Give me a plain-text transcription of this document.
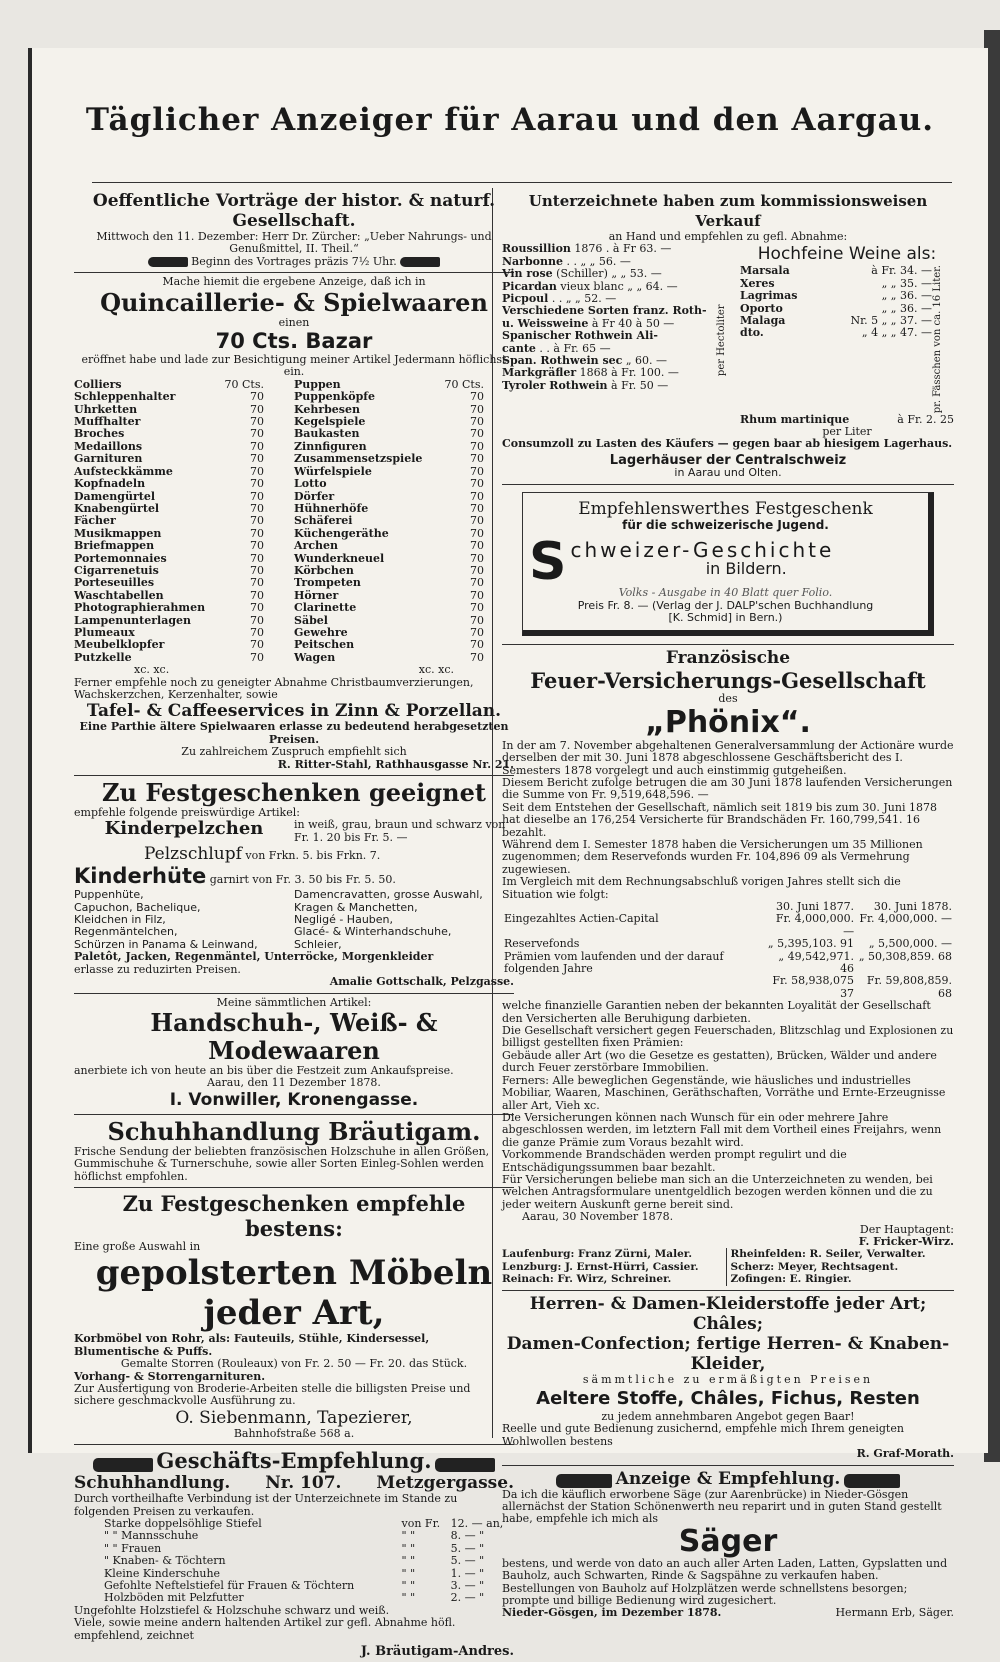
Täglicher Anzeiger für Aarau und den Aargau.
Oeffentliche Vorträge der histor. & naturf. Gesellschaft.
Mittwoch den 11. Dezember: Herr Dr. Zürcher: „Ueber Nahrungs- und Genußmittel, II. Theil.“
Beginn des Vortrages präzis 7½ Uhr.
Mache hiemit die ergebene Anzeige, daß ich in
Quincaillerie- & Spielwaaren
einen
70 Cts. Bazar
eröffnet habe und lade zur Besichtigung meiner Artikel Jedermann höflichst ein.
Colliers	70 Cts.
Schleppenhalter	70
Uhrketten	70
Muffhalter	70
Broches	70
Medaillons	70
Garnituren	70
Aufsteckkämme	70
Kopfnadeln	70
Damengürtel	70
Knabengürtel	70
Fächer	70
Musikmappen	70
Briefmappen	70
Portemonnaies	70
Cigarrenetuis	70
Porteseuilles	70
Waschtabellen	70
Photographierahmen	70
Lampenunterlagen	70
Plumeaux	70
Meubelklopfer	70
Putzkelle	70
Puppen	70 Cts.
Puppenköpfe	70
Kehrbesen	70
Kegelspiele	70
Baukasten	70
Zinnfiguren	70
Zusammensetzspiele	70
Würfelspiele	70
Lotto	70
Dörfer	70
Hühnerhöfe	70
Schäferei	70
Küchengeräthe	70
Archen	70
Wunderkneuel	70
Körbchen	70
Trompeten	70
Hörner	70
Clarinette	70
Säbel	70
Gewehre	70
Peitschen	70
Wagen	70
xc. xc.	xc. xc.
Ferner empfehle noch zu geneigter Abnahme Christbaumverzierungen, Wachskerzchen, Kerzenhalter, sowie
Tafel- & Caffeeservices in Zinn & Porzellan.
Eine Parthie ältere Spielwaaren erlasse zu bedeutend herabgesetzten Preisen.
Zu zahlreichem Zuspruch empfiehlt sich
R. Ritter-Stahl, Rathhausgasse Nr. 21.
Zu Festgeschenken geeignet
empfehle folgende preiswürdige Artikel:
Kinderpelzchen	in weiß, grau, braun und schwarz von Fr. 1. 20 bis Fr. 5. —
Pelzschlupf von Frkn. 5. bis Frkn. 7.
Kinderhüte garnirt von Fr. 3. 50 bis Fr. 5. 50.
Puppenhüte,
Capuchon, Bachelique,
Kleidchen in Filz,
Regenmäntelchen,
Schürzen in Panama & Leinwand,
Damencravatten, grosse Auswahl,
Kragen & Manchetten,
Negligé - Hauben,
Glacé- & Winterhandschuhe,
Schleier,
Paletôt, Jacken, Regenmäntel, Unterröcke, Morgenkleider
erlasse zu reduzirten Preisen.
Amalie Gottschalk, Pelzgasse.
Meine sämmtlichen Artikel:
Handschuh-, Weiß- & Modewaaren
anerbiete ich von heute an bis über die Festzeit zum Ankaufspreise.
Aarau, den 11 Dezember 1878.
I. Vonwiller, Kronengasse.
Schuhhandlung Bräutigam.
Frische Sendung der beliebten französischen Holzschuhe in allen Größen, Gummischuhe & Turnerschuhe, sowie aller Sorten Einleg-Sohlen werden höflichst empfohlen.
Zu Festgeschenken empfehle bestens:
Eine große Auswahl in
gepolsterten Möbeln jeder Art,
Korbmöbel von Rohr, als: Fauteuils, Stühle, Kindersessel, Blumentische & Puffs.
Gemalte Storren (Rouleaux) von Fr. 2. 50 — Fr. 20. das Stück.
Vorhang- & Storrengarnituren.
Zur Ausfertigung von Broderie-Arbeiten stelle die billigsten Preise und sichere geschmackvolle Ausführung zu.
O. Siebenmann, Tapezierer,
Bahnhofstraße 568 a.
Geschäfts-Empfehlung.
Schuhhandlung. Nr. 107. Metzgergasse.
Durch vortheilhafte Verbindung ist der Unterzeichnete im Stande zu folgenden Preisen zu verkaufen.
Starke doppelsöhlige Stiefel	von Fr.	12. — an,
" " Mannsschuhe	" "	8. — "
" " Frauen	" "	5. — "
" Knaben- & Töchtern	" "	5. — "
Kleine Kinderschuhe	" "	1. — "
Gefohlte Neftelstiefel für Frauen & Töchtern	" "	3. — "
Holzböden mit Pelzfutter	" "	2. — "
Ungefohlte Holzstiefel & Holzschuhe schwarz und weiß.
Viele, sowie meine andern haltenden Artikel zur gefl. Abnahme höfl. empfehlend, zeichnet
J. Bräutigam-Andres.
Unterzeichnete haben zum kommissionsweisen Verkauf
an Hand und empfehlen zu gefl. Abnahme:
Roussillion 1876 . à Fr 63. —
Narbonne . . „ „ 56. —
Vin rose (Schiller) „ „ 53. —
Picardan vieux blanc „ „ 64. —
Picpoul . . „ „ 52. —
Verschiedene Sorten franz. Roth-
u. Weissweine à Fr 40 à 50 —
Spanischer Rothwein Ali-
cante . . à Fr. 65 —
Span. Rothwein sec „ 60. —
Markgräfler 1868 à Fr. 100. —
Tyroler Rothwein à Fr. 50 —
per Hectoliter
Hochfeine Weine als:
Marsala	à Fr. 34. —
Xeres	„ „ 35. —
Lagrimas	„ „ 36. —
Oporto	„ „ 36. —
Malaga	Nr. 5 „ „ 37. —
dto.	„ 4 „ „ 47. — pr. Fässchen von ca. 16 Liter.
Rhum martinique	à Fr. 2. 25
per Liter
Consumzoll zu Lasten des Käufers — gegen baar ab hiesigem Lagerhaus.
Lagerhäuser der Centralschweiz
in Aarau und Olten.
Empfehlenswerthes Festgeschenk
für die schweizerische Jugend.
S chweizer-Geschichte
in Bildern.
Volks - Ausgabe in 40 Blatt quer Folio.
Preis Fr. 8. — (Verlag der J. DALP'schen Buchhandlung
[K. Schmid] in Bern.)
Französische
Feuer-Versicherungs-Gesellschaft
des
„Phönix“.
In der am 7. November abgehaltenen Generalversammlung der Actionäre wurde derselben der mit 30. Juni 1878 abgeschlossene Geschäftsbericht des I. Semesters 1878 vorgelegt und auch einstimmig gutgeheißen.
Diesem Bericht zufolge betrugen die am 30 Juni 1878 laufenden Versicherungen die Summe von Fr. 9,519,648,596. —
Seit dem Entstehen der Gesellschaft, nämlich seit 1819 bis zum 30. Juni 1878 hat dieselbe an 176,254 Versicherte für Brandschäden Fr. 160,799,541. 16 bezahlt.
Während dem I. Semester 1878 haben die Versicherungen um 35 Millionen zugenommen; dem Reservefonds wurden Fr. 104,896 09 als Vermehrung zugewiesen.
Im Vergleich mit dem Rechnungsabschluß vorigen Jahres stellt sich die Situation wie folgt:
	30. Juni 1877.	30. Juni 1878.
Eingezahltes Actien-Capital	Fr. 4,000,000. —	Fr. 4,000,000. —
Reservefonds	„ 5,395,103. 91	„ 5,500,000. —
Prämien vom laufenden und der darauf folgenden Jahre	„ 49,542,971. 46	„ 50,308,859. 68
	Fr. 58,938,075 37	Fr. 59,808,859. 68
welche finanzielle Garantien neben der bekannten Loyalität der Gesellschaft den Versicherten alle Beruhigung darbieten.
Die Gesellschaft versichert gegen Feuerschaden, Blitzschlag und Explosionen zu billigst gestellten fixen Prämien:
Gebäude aller Art (wo die Gesetze es gestatten), Brücken, Wälder und andere durch Feuer zerstörbare Immobilien.
Ferners: Alle beweglichen Gegenstände, wie häusliches und industrielles Mobiliar, Waaren, Maschinen, Geräthschaften, Vorräthe und Ernte-Erzeugnisse aller Art, Vieh xc.
Die Versicherungen können nach Wunsch für ein oder mehrere Jahre abgeschlossen werden, im letztern Fall mit dem Vortheil eines Freijahrs, wenn die ganze Prämie zum Voraus bezahlt wird.
Vorkommende Brandschäden werden prompt regulirt und die Entschädigungssummen baar bezahlt.
Für Versicherungen beliebe man sich an die Unterzeichneten zu wenden, bei welchen Antragsformulare unentgeldlich bezogen werden können und die zu jeder weitern Auskunft gerne bereit sind.
Aarau, 30 November 1878.
Der Hauptagent:
F. Fricker-Wirz.
Laufenburg: Franz Zürni, Maler.
Lenzburg: J. Ernst-Hürri, Cassier.
Reinach: Fr. Wirz, Schreiner.
Rheinfelden: R. Seiler, Verwalter.
Scherz: Meyer, Rechtsagent.
Zofingen: E. Ringier.
Herren- & Damen-Kleiderstoffe jeder Art; Châles;
Damen-Confection; fertige Herren- & Knaben-Kleider,
sämmtliche zu ermäßigten Preisen
Aeltere Stoffe, Châles, Fichus, Resten
zu jedem annehmbaren Angebot gegen Baar!
Reelle und gute Bedienung zusichernd, empfehle mich Ihrem geneigten Wohlwollen bestens
R. Graf-Morath.
Anzeige & Empfehlung.
Da ich die käuflich erworbene Säge (zur Aarenbrücke) in Nieder-Gösgen allernächst der Station Schönenwerth neu reparirt und in guten Stand gestellt habe, empfehle ich mich als
Säger
bestens, und werde von dato an auch aller Arten Laden, Latten, Gypslatten und Bauholz, auch Schwarten, Rinde & Sagspähne zu verkaufen haben. Bestellungen von Bauholz auf Holzplätzen werde schnellstens besorgen; prompte und billige Bedienung wird zugesichert.
Nieder-Gösgen, im Dezember 1878.	Hermann Erb, Säger.
